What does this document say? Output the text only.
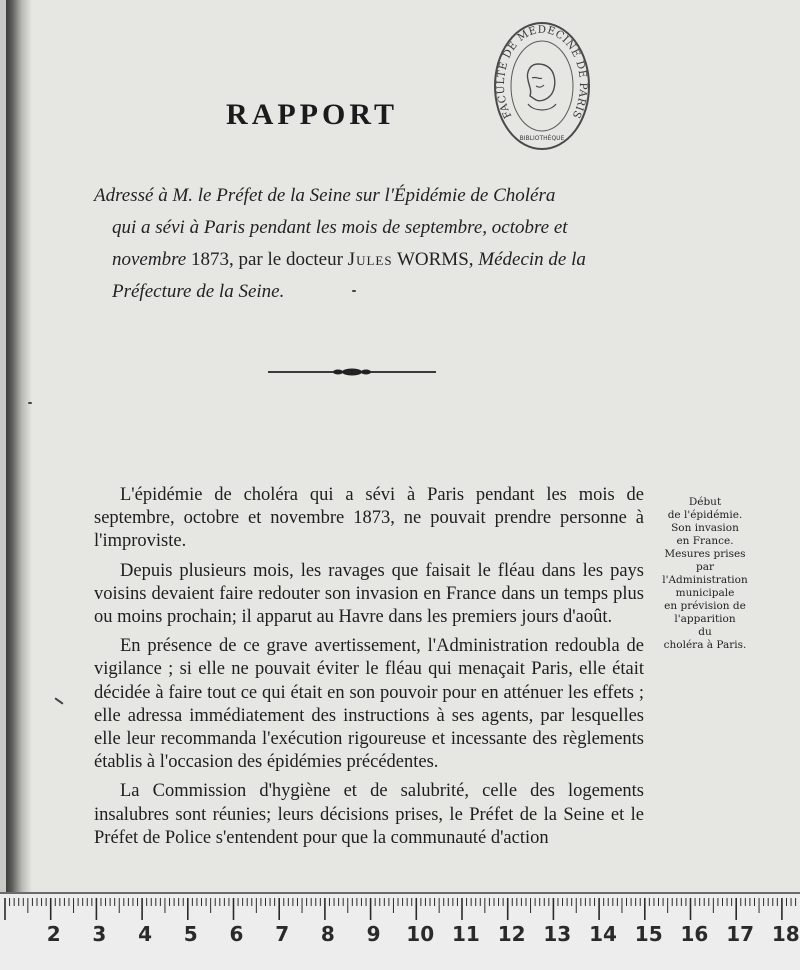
FACULTÉ DE MÉDECINE DE PARIS
BIBLIOTHÈQUE
RAPPORT
Adressé à M. le Préfet de la Seine sur l'Épidémie de Choléra
qui a sévi à Paris pendant les mois de septembre, octobre et
novembre 1873, par le docteur Jules WORMS, Médecin de la
Préfecture de la Seine.

L'épidémie de choléra qui a sévi à Paris pendant les mois de septembre, octobre et novembre 1873, ne pouvait prendre personne à l'improviste.

Depuis plusieurs mois, les ravages que faisait le fléau dans les pays voisins devaient faire redouter son invasion en France dans un temps plus ou moins prochain; il apparut au Havre dans les premiers jours d'août.

En présence de ce grave avertissement, l'Administration redoubla de vigilance ; si elle ne pouvait éviter le fléau qui menaçait Paris, elle était décidée à faire tout ce qui était en son pouvoir pour en atténuer les effets ; elle adressa immédiatement des instructions à ses agents, par lesquelles elle leur recommanda l'exécution rigoureuse et incessante des règlements établis à l'occasion des épidémies précédentes.

La Commission d'hygiène et de salubrité, celle des logements insalubres sont réunies; leurs décisions prises, le Préfet de la Seine et le Préfet de Police s'entendent pour que la communauté d'action

Début
de l'épidémie.
Son invasion
en France.
Mesures prises
par
l'Administration
municipale
en prévision de
l'apparition
du
choléra à Paris.
2 3 4 5 6 7 8 9 10 11 12 13 14 15 16 17 18
